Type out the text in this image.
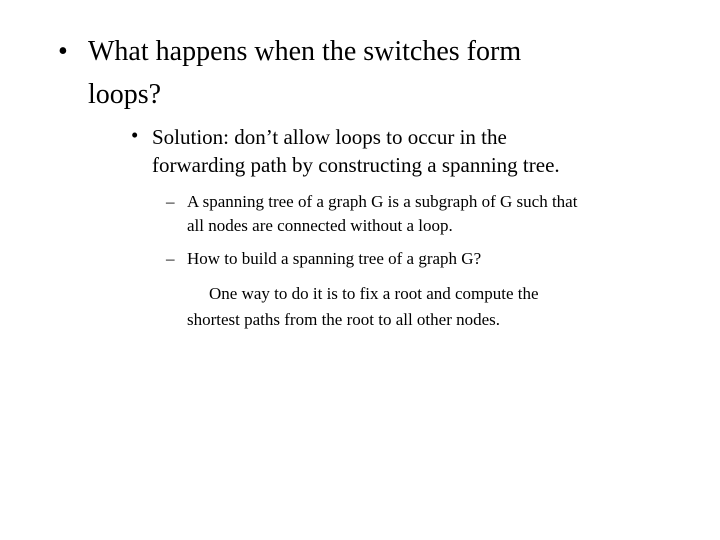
• What happens when the switches form
loops?
• Solution: don’t allow loops to occur in the
forwarding path by constructing a spanning tree.
– A spanning tree of a graph G is a subgraph of G such that
all nodes are connected without a loop.
– How to build a spanning tree of a graph G?
One way to do it is to fix a root and compute the
shortest paths from the root to all other nodes.
